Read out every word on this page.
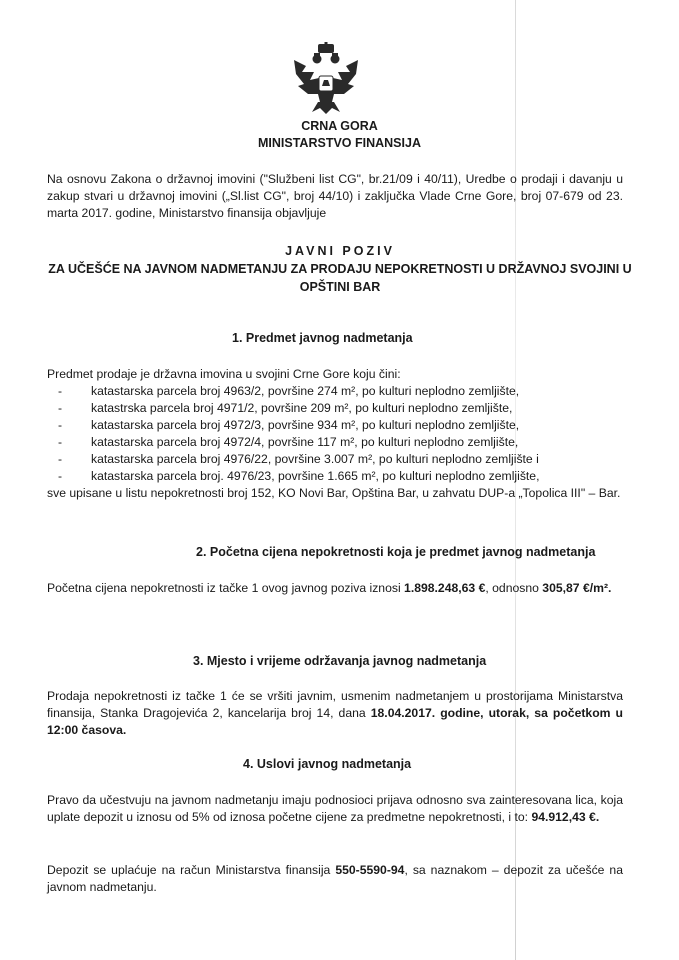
CRNA GORA
MINISTARSTVO FINANSIJA
Na osnovu Zakona o državnoj imovini ("Službeni list CG", br.21/09 i 40/11), Uredbe o prodaji i davanju u zakup stvari u državnoj imovini („Sl.list CG", broj 44/10) i zaključka Vlade Crne Gore, broj 07-679 od 23. marta 2017. godine, Ministarstvo finansija objavljuje
JAVNI POZIV
ZA UČEŠĆE NA JAVNOM NADMETANJU ZA PRODAJU NEPOKRETNOSTI U DRŽAVNOJ SVOJINI U
OPŠTINI BAR
1. Predmet javnog nadmetanja
Predmet prodaje je državna imovina u svojini Crne Gore koju čini:
- katastarska parcela broj 4963/2, površine 274 m², po kulturi neplodno zemljište,
- katastrska parcela broj 4971/2, površine 209 m², po kulturi neplodno zemljište,
- katastarska parcela broj 4972/3, površine 934 m², po kulturi neplodno zemljište,
- katastarska parcela broj 4972/4, površine 117 m², po kulturi neplodno zemljište,
- katastarska parcela broj 4976/22, površine 3.007 m², po kulturi neplodno zemljište i
- katastarska parcela broj. 4976/23, površine 1.665 m², po kulturi neplodno zemljište,
sve upisane u listu nepokretnosti broj 152, KO Novi Bar, Opština Bar, u zahvatu DUP-a „Topolica III" – Bar.
2. Početna cijena nepokretnosti koja je predmet javnog nadmetanja
Početna cijena nepokretnosti iz tačke 1 ovog javnog poziva iznosi 1.898.248,63 €, odnosno 305,87 €/m².
3. Mjesto i vrijeme održavanja javnog nadmetanja
Prodaja nepokretnosti iz tačke 1 će se vršiti javnim, usmenim nadmetanjem u prostorijama Ministarstva finansija, Stanka Dragojevića 2, kancelarija broj 14, dana 18.04.2017. godine, utorak, sa početkom u 12:00 časova.
4. Uslovi javnog nadmetanja
Pravo da učestvuju na javnom nadmetanju imaju podnosioci prijava odnosno sva zainteresovana lica, koja uplate depozit u iznosu od 5% od iznosa početne cijene za predmetne nepokretnosti, i to: 94.912,43 €.
Depozit se uplaćuje na račun Ministarstva finansija 550-5590-94, sa naznakom – depozit za učešće na javnom nadmetanju.
